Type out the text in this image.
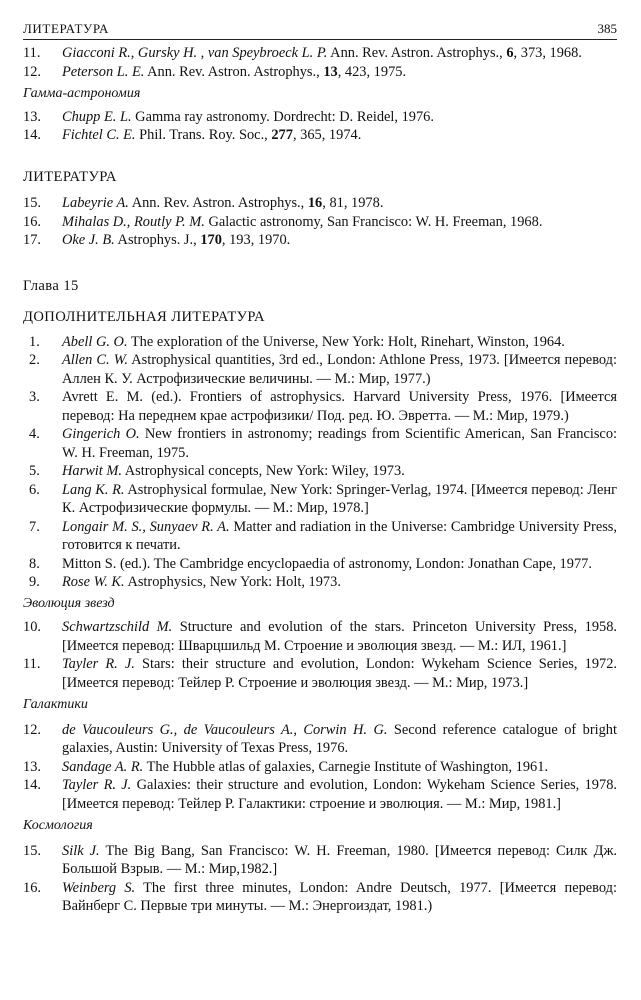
ЛИТЕРАТУРА	385
11. Giacconi R., Gursky H. , van Speybroeck L. P. Ann. Rev. Astron. Astrophys., 6, 373, 1968.
12. Peterson L. E. Ann. Rev. Astron. Astrophys., 13, 423, 1975.
Гамма-астрономия
13. Chupp E. L. Gamma ray astronomy. Dordrecht: D. Reidel, 1976.
14. Fichtel C. E. Phil. Trans. Roy. Soc., 277, 365, 1974.
ЛИТЕРАТУРА
15. Labeyrie A. Ann. Rev. Astron. Astrophys., 16, 81, 1978.
16. Mihalas D., Routly P. M. Galactic astronomy, San Francisco: W. H. Freeman, 1968.
17. Oke J. B. Astrophys. J., 170, 193, 1970.
Глава 15
ДОПОЛНИТЕЛЬНАЯ ЛИТЕРАТУРА
1. Abell G. O. The exploration of the Universe, New York: Holt, Rinehart, Winston, 1964.
2. Allen C. W. Astrophysical quantities, 3rd ed., London: Athlone Press, 1973. [Имеется перевод: Аллен К. У. Астрофизические величины. — М.: Мир, 1977.)
3. Avrett E. M. (ed.). Frontiers of astrophysics. Harvard University Press, 1976. [Имеется перевод: На переднем крае астрофизики/ Под. ред. Ю. Эвретта. — М.: Мир, 1979.)
4. Gingerich O. New frontiers in astronomy; readings from Scientific American, San Francisco: W. H. Freeman, 1975.
5. Harwit M. Astrophysical concepts, New York: Wiley, 1973.
6. Lang K. R. Astrophysical formulae, New York: Springer-Verlag, 1974. [Имеется перевод: Ленг К. Астрофизические формулы. — М.: Мир, 1978.]
7. Longair M. S., Sunyaev R. A. Matter and radiation in the Universe: Cambridge University Press, готовится к печати.
8. Mitton S. (ed.). The Cambridge encyclopaedia of astronomy, London: Jonathan Cape, 1977.
9. Rose W. K. Astrophysics, New York: Holt, 1973.
Эволюция звезд
10. Schwartzschild M. Structure and evolution of the stars. Princeton University Press, 1958. [Имеется перевод: Шварцшильд М. Строение и эволюция звезд. — М.: ИЛ, 1961.]
11. Tayler R. J. Stars: their structure and evolution, London: Wykeham Science Series, 1972. [Имеется перевод: Тейлер Р. Строение и эволюция звезд. — М.: Мир, 1973.]
Галактики
12. de Vaucouleurs G., de Vaucouleurs A., Corwin H. G. Second reference catalogue of bright galaxies, Austin: University of Texas Press, 1976.
13. Sandage A. R. The Hubble atlas of galaxies, Carnegie Institute of Washington, 1961.
14. Tayler R. J. Galaxies: their structure and evolution, London: Wykeham Science Series, 1978. [Имеется перевод: Тейлер Р. Галактики: строение и эволюция. — М.: Мир, 1981.]
Космология
15. Silk J. The Big Bang, San Francisco: W. H. Freeman, 1980. [Имеется перевод: Силк Дж. Большой Взрыв. — М.: Мир,1982.]
16. Weinberg S. The first three minutes, London: Andre Deutsch, 1977. [Имеется перевод: Вайнберг С. Первые три минуты. — М.: Энергоиздат, 1981.)
